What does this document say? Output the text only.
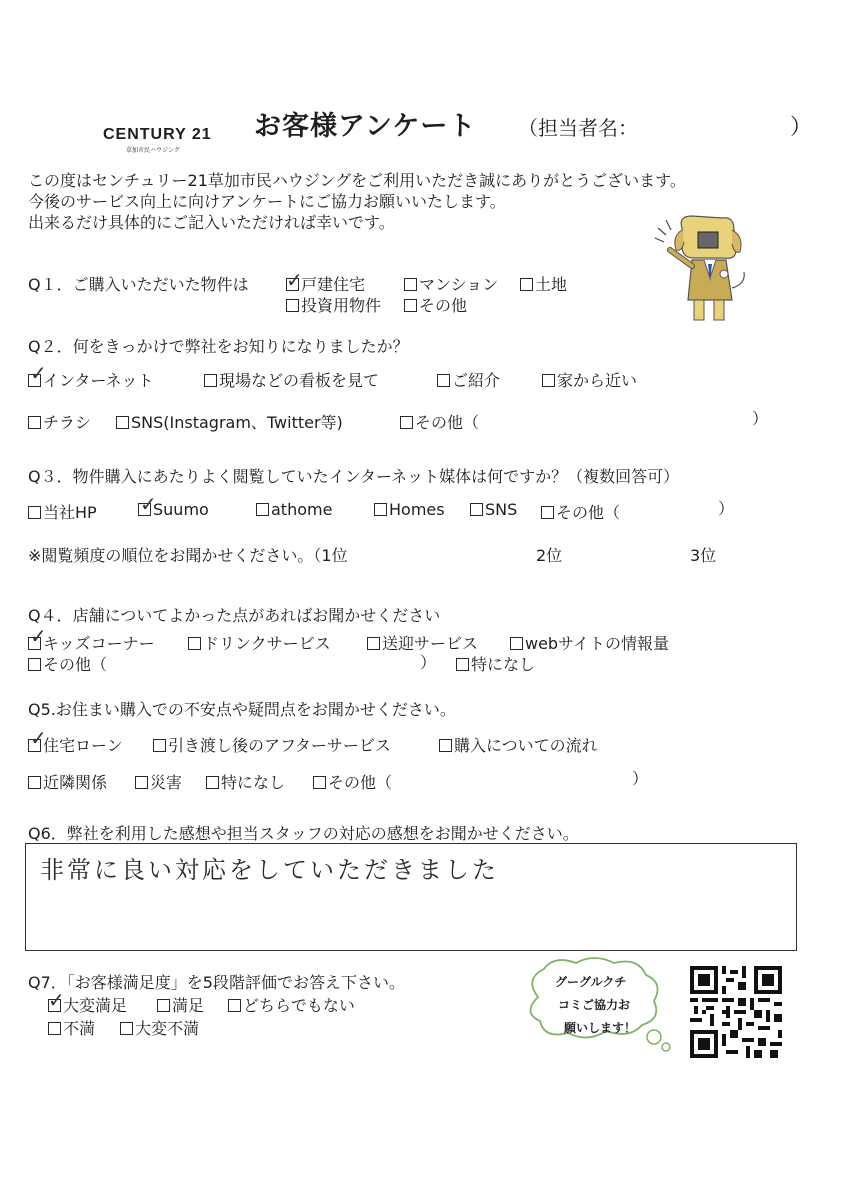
CENTURY 21
草加市民ハウジング
お客様アンケート （担当者名：	）
この度はセンチュリー21草加市民ハウジングをご利用いただき誠にありがとうございます。
今後のサービス向上に向けアンケートにご協力お願いいたします。
出来るだけ具体的にご記入いただければ幸いです。
Q１．ご購入いただいた物件は	戸建住宅
✓	マンション	土地
投資用物件	その他
Q２．何をきっかけで弊社をお知りになりましたか？
インターネット
✓	現場などの看板を見て	ご紹介	家から近い
チラシ	SNS(Instagram、Twitter等)	その他（	）
Q３．物件購入にあたりよく閲覧していたインターネット媒体は何ですか？（複数回答可）
当社HP	Suumo
✓	athome	Homes	SNS	その他（	）
※閲覧頻度の順位をお聞かせください。（1位	2位	3位
Q４．店舗についてよかった点があればお聞かせください
キッズコーナー
✓	ドリンクサービス	送迎サービス	webサイトの情報量
その他（	）	特になし
Q5.お住まい購入での不安点や疑問点をお聞かせください。
住宅ローン
✓	引き渡し後のアフターサービス	購入についての流れ
近隣関係	災害	特になし	その他（	）
Q6．弊社を利用した感想や担当スタッフの対応の感想をお聞かせください。
非常に良い対応をしていただきました
Q7．「お客様満足度」を5段階評価でお答え下さい。
大変満足
✓	満足	どちらでもない
不満	大変不満
グーグルクチ
コミご協力お
願いします！
